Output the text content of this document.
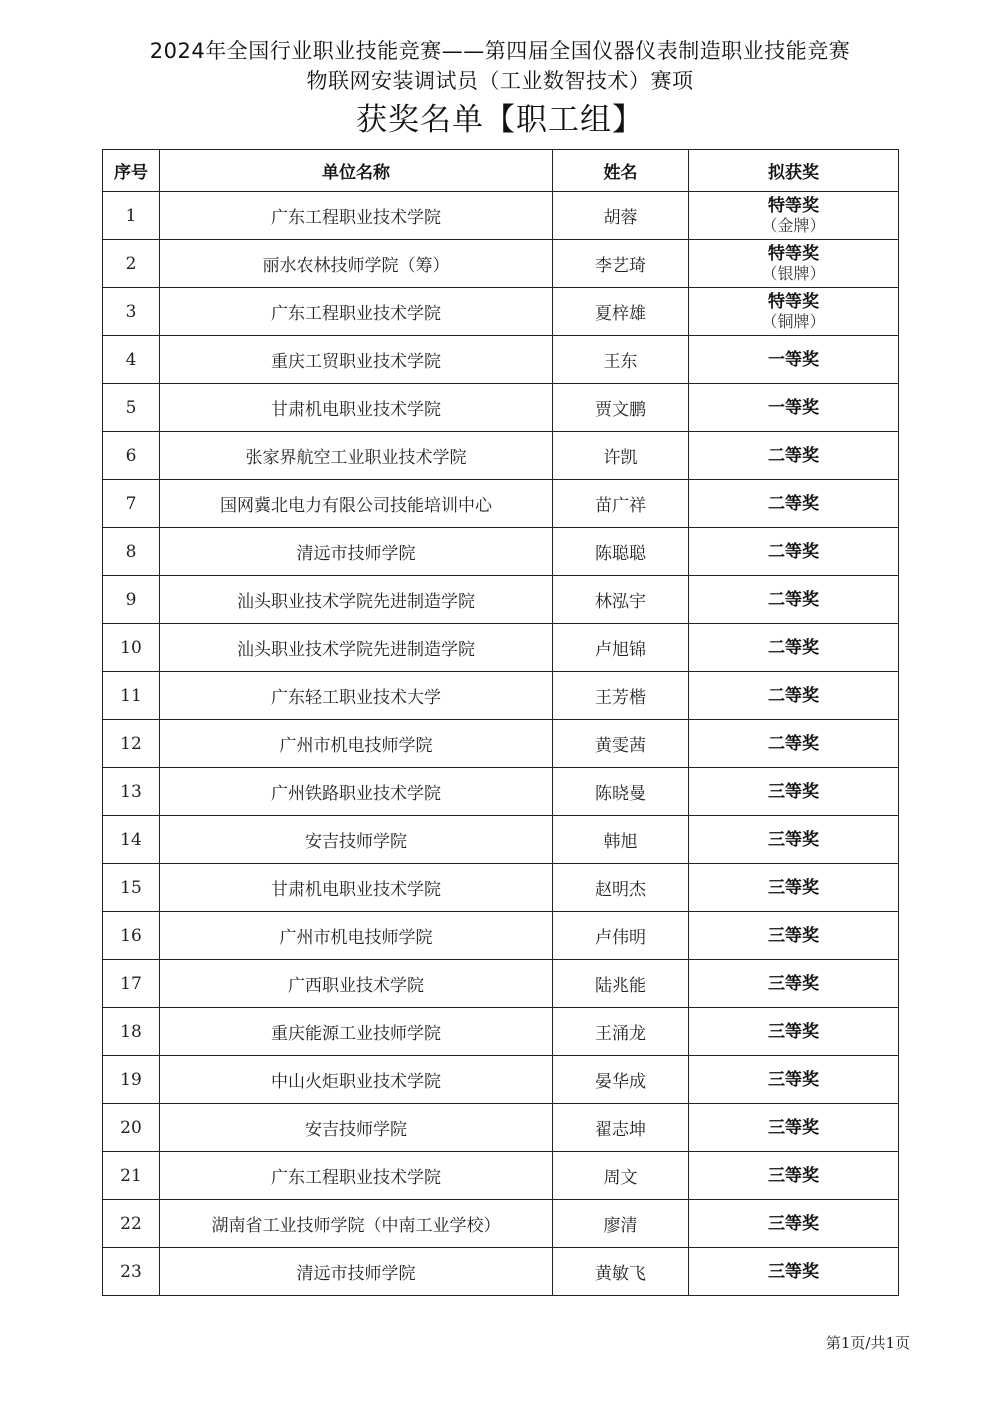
2024年全国行业职业技能竞赛——第四届全国仪器仪表制造职业技能竞赛
物联网安装调试员（工业数智技术）赛项
获奖名单【职工组】
序号	单位名称	姓名	拟获奖
1	广东工程职业技术学院	胡蓉	特等奖
（金牌）

2	丽水农林技师学院（筹）	李艺琦	特等奖
（银牌）

3	广东工程职业技术学院	夏梓雄	特等奖
（铜牌）

4	重庆工贸职业技术学院	王东	一等奖

5	甘肃机电职业技术学院	贾文鹏	一等奖

6	张家界航空工业职业技术学院	许凯	二等奖

7	国网冀北电力有限公司技能培训中心	苗广祥	二等奖

8	清远市技师学院	陈聪聪	二等奖

9	汕头职业技术学院先进制造学院	林泓宇	二等奖

10	汕头职业技术学院先进制造学院	卢旭锦	二等奖

11	广东轻工职业技术大学	王芳楷	二等奖

12	广州市机电技师学院	黄雯茜	二等奖

13	广州铁路职业技术学院	陈晓曼	三等奖

14	安吉技师学院	韩旭	三等奖

15	甘肃机电职业技术学院	赵明杰	三等奖

16	广州市机电技师学院	卢伟明	三等奖

17	广西职业技术学院	陆兆能	三等奖

18	重庆能源工业技师学院	王涌龙	三等奖

19	中山火炬职业技术学院	晏华成	三等奖

20	安吉技师学院	翟志坤	三等奖

21	广东工程职业技术学院	周文	三等奖

22	湖南省工业技师学院（中南工业学校）	廖清	三等奖

23	清远市技师学院	黄敏飞	三等奖
第1页/共1页
